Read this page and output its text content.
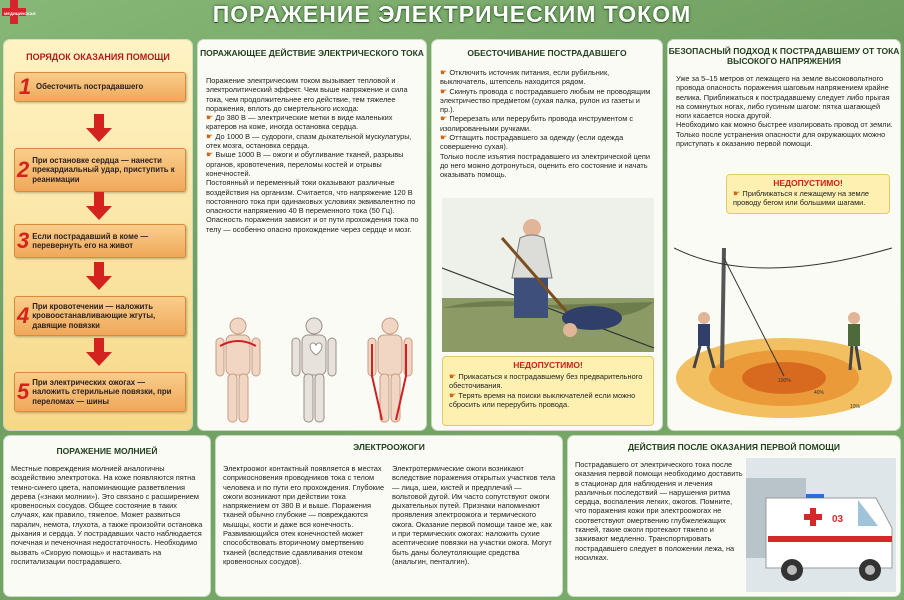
МЕДИЦИНСКАЯ	ПОРАЖЕНИЕ ЭЛЕКТРИЧЕСКИМ ТОКОМ
ПОРЯДОК ОКАЗАНИЯ ПОМОЩИ
1 Обесточить пострадавшего
2 При остановке сердца — нанести прекардиальный удар, приступить к реанимации
3 Если пострадавший в коме — перевернуть его на живот
4 При кровотечении — наложить кровоостанавливающие жгуты, давящие повязки
5 При электрических ожогах — наложить стерильные повязки, при переломах — шины
ПОРАЖАЮЩЕЕ ДЕЙСТВИЕ ЭЛЕКТРИЧЕСКОГО ТОКА

Поражение электрическим током вызывает тепловой и электролитический эффект. Чем выше напряжение и сила тока, чем продолжительнее его действие, тем тяжелее поражения, вплоть до смертельного исхода:

☛ До 380 В — электрические метки в виде маленьких кратеров на коже, иногда остановка сердца.

☛ До 1000 В — судороги, спазм дыхательной мускулатуры, отек мозга, остановка сердца.

☛ Выше 1000 В — ожоги и обугливание тканей, разрывы органов, кровотечения, переломы костей и отрывы конечностей.

Постоянный и переменный токи оказывают различные воздействия на организм. Считается, что напряжение 120 В постоянного тока при одинаковых условиях эквивалентно по опасности напряжению 40 В переменного тока (50 Гц).

Опасность поражения зависит и от пути прохождения тока по телу — особенно опасно прохождение через сердце и мозг.

ОБЕСТОЧИВАНИЕ ПОСТРАДАВШЕГО

☛ Отключить источник питания, если рубильник, выключатель, штепсель находится рядом.

☛ Скинуть провода с пострадавшего любым не проводящим электричество предметом (сухая палка, рулон из газеты и пр.).

☛ Перерезать или перерубить провода инструментом с изолированными ручками.

☛ Оттащить пострадавшего за одежду (если одежда совершенно сухая).

Только после изъятия пострадавшего из электрической цепи до него можно дотронуться, оценить его состояние и начать оказывать помощь.

НЕДОПУСТИМО!

☛ Прикасаться к пострадавшему без предварительного обесточивания.

☛ Терять время на поиски выключателей если можно сбросить или перерубить провода.

БЕЗОПАСНЫЙ ПОДХОД К ПОСТРАДАВШЕМУ ОТ ТОКА ВЫСОКОГО НАПРЯЖЕНИЯ

Уже за 5–15 метров от лежащего на земле высоковольтного провода опасность поражения шаговым напряжением крайне велика. Приближаться к пострадавшему следует либо прыгая на сомкнутых ногах, либо гусиным шагом: пятка шагающей ноги касается носка другой.

Необходимо как можно быстрее изолировать провод от земли. Только после устранения опасности для окружающих можно приступать к оказанию первой помощи.

НЕДОПУСТИМО!
☛ Приближаться к лежащему на земле проводу бегом или большими шагами.
100%
40%
10%
ПОРАЖЕНИЕ МОЛНИЕЙ
Местные повреждения молнией аналогичны воздействию электротока. На коже появляются пятна темно-синего цвета, напоминающие разветвления дерева («знаки молнии»). Это связано с расширением кровеносных сосудов. Общее состояние в таких случаях, как правило, тяжелое. Может развиться паралич, немота, глухота, а также произойти остановка дыхания и сердца. У пострадавших часто наблюдается почечная и печеночная недостаточность. Необходимо вызвать «Скорую помощь» и настаивать на госпитализации пострадавшего.
ЭЛЕКТРООЖОГИ
Электроожог контактный появляется в местах соприкосновения проводников тока с телом человека и по пути его прохождения. Глубокие ожоги возникают при действии тока напряжением от 380 В и выше. Поражения тканей обычно глубокие — повреждаются мышцы, кости и даже вся конечность. Развивающийся отек конечностей может способствовать вторичному омертвению тканей (вследствие сдавливания отеком кровеносных сосудов).
Электротермические ожоги возникают вследствие поражения открытых участков тела — лица, шеи, кистей и предплечий — вольтовой дугой. Им часто сопутствуют ожоги дыхательных путей. Признаки напоминают проявления электроожога и термического ожога. Оказание первой помощи такое же, как и при термических ожогах: наложить сухие асептические повязки на участки ожога. Могут быть даны болеутоляющие средства (анальгин, пенталгин).
ДЕЙСТВИЯ ПОСЛЕ ОКАЗАНИЯ ПЕРВОЙ ПОМОЩИ
Пострадавшего от электрического тока после оказания первой помощи необходимо доставить в стационар для наблюдения и лечения различных последствий — нарушения ритма сердца, воспаления легких, ожогов. Помните, что поражения кожи при электроожогах не соответствуют омертвению глубжележащих тканей, такие ожоги протекают тяжело и заживают медленно. Транспортировать пострадавшего следует в положении лежа, на носилках.
03
